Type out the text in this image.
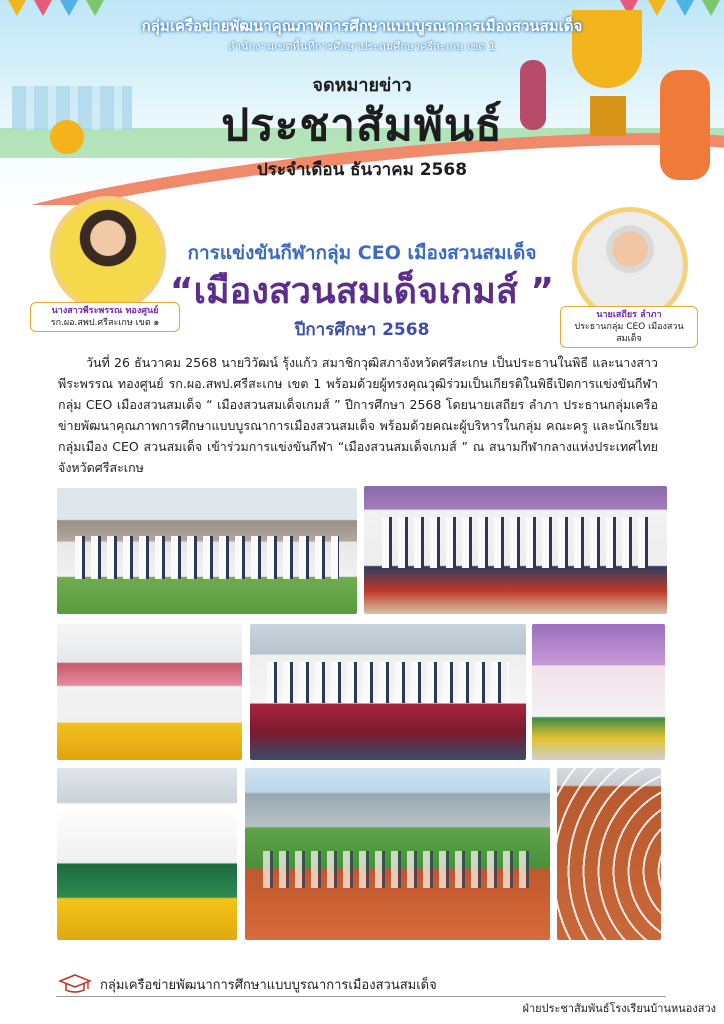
กลุ่มเครือข่ายพัฒนาคุณภาพการศึกษาแบบบูรณาการเมืองสวนสมเด็จ
สำนักงานเขตพื้นที่การศึกษาประถมศึกษาศรีสะเกษ เขต 1
จดหมายข่าว
ประชาสัมพันธ์
ประจำเดือน ธันวาคม 2568
นางสาวพีระพรรณ ทองศูนย์
รก.ผอ.สพป.ศรีสะเกษ เขต ๑
นายเสถียร ลำภา
ประธานกลุ่ม CEO เมืองสวนสมเด็จ
การแข่งขันกีฬากลุ่ม CEO เมืองสวนสมเด็จ
“เมืองสวนสมเด็จเกมส์ ”
ปีการศึกษา 2568
วันที่ 26 ธันวาคม 2568 นายวิวัฒน์ รุ้งแก้ว สมาชิกวุฒิสภาจังหวัดศรีสะเกษ เป็นประธานในพิธี และนางสาวพีระพรรณ ทองศูนย์ รก.ผอ.สพป.ศรีสะเกษ เขต 1 พร้อมด้วยผู้ทรงคุณวุฒิร่วมเป็นเกียรติในพิธีเปิดการแข่งขันกีฬากลุ่ม CEO เมืองสวนสมเด็จ “ เมืองสวนสมเด็จเกมส์ ” ปีการศึกษา 2568 โดยนายเสถียร ลำภา ประธานกลุ่มเครือข่ายพัฒนาคุณภาพการศึกษาแบบบูรณาการเมืองสวนสมเด็จ พร้อมด้วยคณะผู้บริหารในกลุ่ม คณะครู และนักเรียนกลุ่มเมือง CEO สวนสมเด็จ เข้าร่วมการแข่งขันกีฬา “เมืองสวนสมเด็จเกมส์ ” ณ สนามกีฬากลางแห่งประเทศไทยจังหวัดศรีสะเกษ
กลุ่มเครือข่ายพัฒนาการศึกษาแบบบูรณาการเมืองสวนสมเด็จ
ฝ่ายประชาสัมพันธ์โรงเรียนบ้านหนองสวง
